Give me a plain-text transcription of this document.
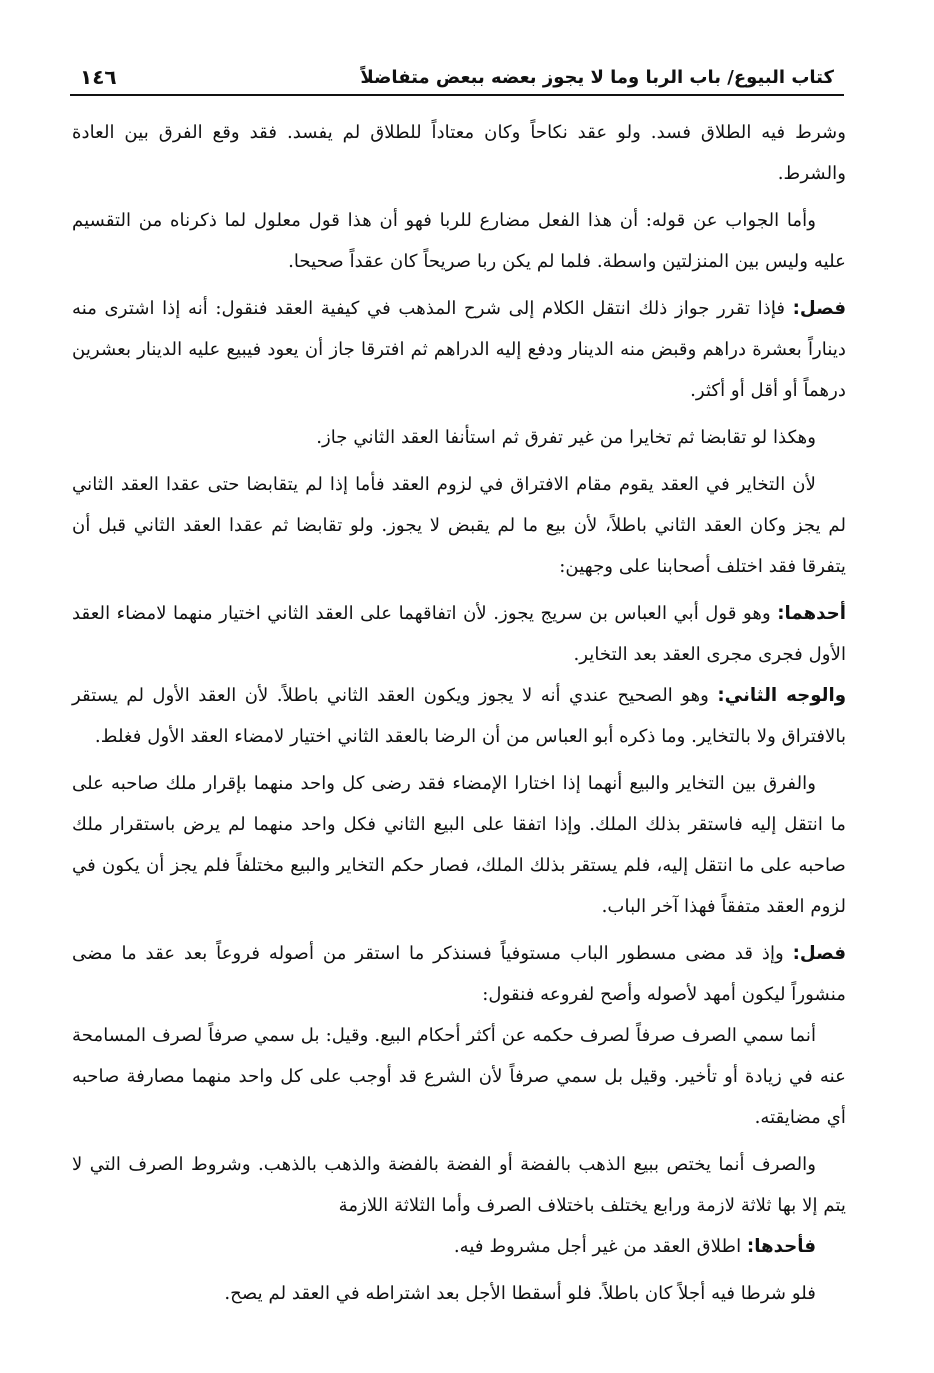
كتاب البيوع/ باب الربا وما لا يجوز بعضه ببعض متفاضلاً
١٤٦

وشرط فيه الطلاق فسد. ولو عقد نكاحاً وكان معتاداً للطلاق لم يفسد. فقد وقع الفرق بين العادة والشرط.

وأما الجواب عن قوله: أن هذا الفعل مضارع للربا فهو أن هذا قول معلول لما ذكرناه من التقسيم عليه وليس بين المنزلتين واسطة. فلما لم يكن ربا صريحاً كان عقداً صحيحا.

فصل: فإذا تقرر جواز ذلك انتقل الكلام إلى شرح المذهب في كيفية العقد فنقول: أنه إذا اشترى منه ديناراً بعشرة دراهم وقبض منه الدينار ودفع إليه الدراهم ثم افترقا جاز أن يعود فيبيع عليه الدينار بعشرين درهماً أو أقل أو أكثر.

وهكذا لو تقابضا ثم تخايرا من غير تفرق ثم استأنفا العقد الثاني جاز.

لأن التخاير في العقد يقوم مقام الافتراق في لزوم العقد فأما إذا لم يتقابضا حتى عقدا العقد الثاني لم يجز وكان العقد الثاني باطلاً، لأن بيع ما لم يقبض لا يجوز. ولو تقابضا ثم عقدا العقد الثاني قبل أن يتفرقا فقد اختلف أصحابنا على وجهين:

أحدهما: وهو قول أبي العباس بن سريج يجوز. لأن اتفاقهما على العقد الثاني اختيار منهما لامضاء العقد الأول فجرى مجرى العقد بعد التخاير.

والوجه الثاني: وهو الصحيح عندي أنه لا يجوز ويكون العقد الثاني باطلاً. لأن العقد الأول لم يستقر بالافتراق ولا بالتخاير. وما ذكره أبو العباس من أن الرضا بالعقد الثاني اختيار لامضاء العقد الأول فغلط.

والفرق بين التخاير والبيع أنهما إذا اختارا الإمضاء فقد رضى كل واحد منهما بإقرار ملك صاحبه على ما انتقل إليه فاستقر بذلك الملك. وإذا اتفقا على البيع الثاني فكل واحد منهما لم يرض باستقرار ملك صاحبه على ما انتقل إليه، فلم يستقر بذلك الملك، فصار حكم التخاير والبيع مختلفاً فلم يجز أن يكون في لزوم العقد متفقاً فهذا آخر الباب.

فصل: وإذ قد مضى مسطور الباب مستوفياً فسنذكر ما استقر من أصوله فروعاً بعد عقد ما مضى منشوراً ليكون أمهد لأصوله وأصح لفروعه فنقول:

أنما سمي الصرف صرفاً لصرف حكمه عن أكثر أحكام البيع. وقيل: بل سمي صرفاً لصرف المسامحة عنه في زيادة أو تأخير. وقيل بل سمي صرفاً لأن الشرع قد أوجب على كل واحد منهما مصارفة صاحبه أي مضايقته.

والصرف أنما يختص ببيع الذهب بالفضة أو الفضة بالفضة والذهب بالذهب. وشروط الصرف التي لا يتم إلا بها ثلاثة لازمة ورابع يختلف باختلاف الصرف وأما الثلاثة اللازمة

فأحدها: اطلاق العقد من غير أجل مشروط فيه.

فلو شرطا فيه أجلاً كان باطلاً. فلو أسقطا الأجل بعد اشتراطه في العقد لم يصح.
